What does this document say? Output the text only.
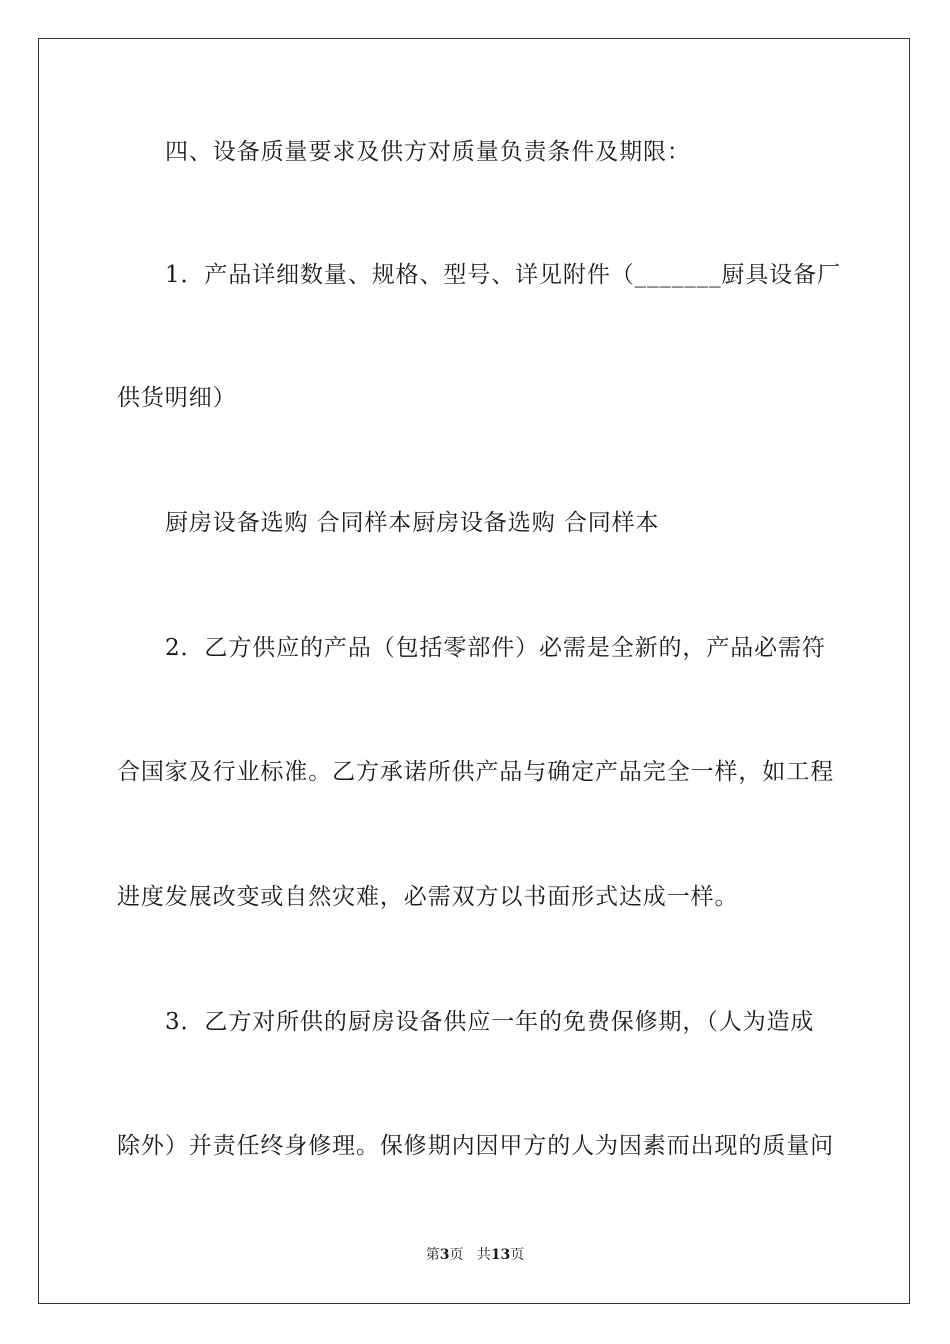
四、设备质量要求及供方对质量负责条件及期限：
1．产品详细数量、规格、型号、详见附件（_______厨具设备厂
供货明细）
厨房设备选购 合同样本厨房设备选购 合同样本
2．乙方供应的产品（包括零部件）必需是全新的，产品必需符
合国家及行业标准。乙方承诺所供产品与确定产品完全一样，如工程
进度发展改变或自然灾难，必需双方以书面形式达成一样。
3．乙方对所供的厨房设备供应一年的免费保修期，（人为造成
除外）并责任终身修理。保修期内因甲方的人为因素而出现的质量问
第3页   共13页
